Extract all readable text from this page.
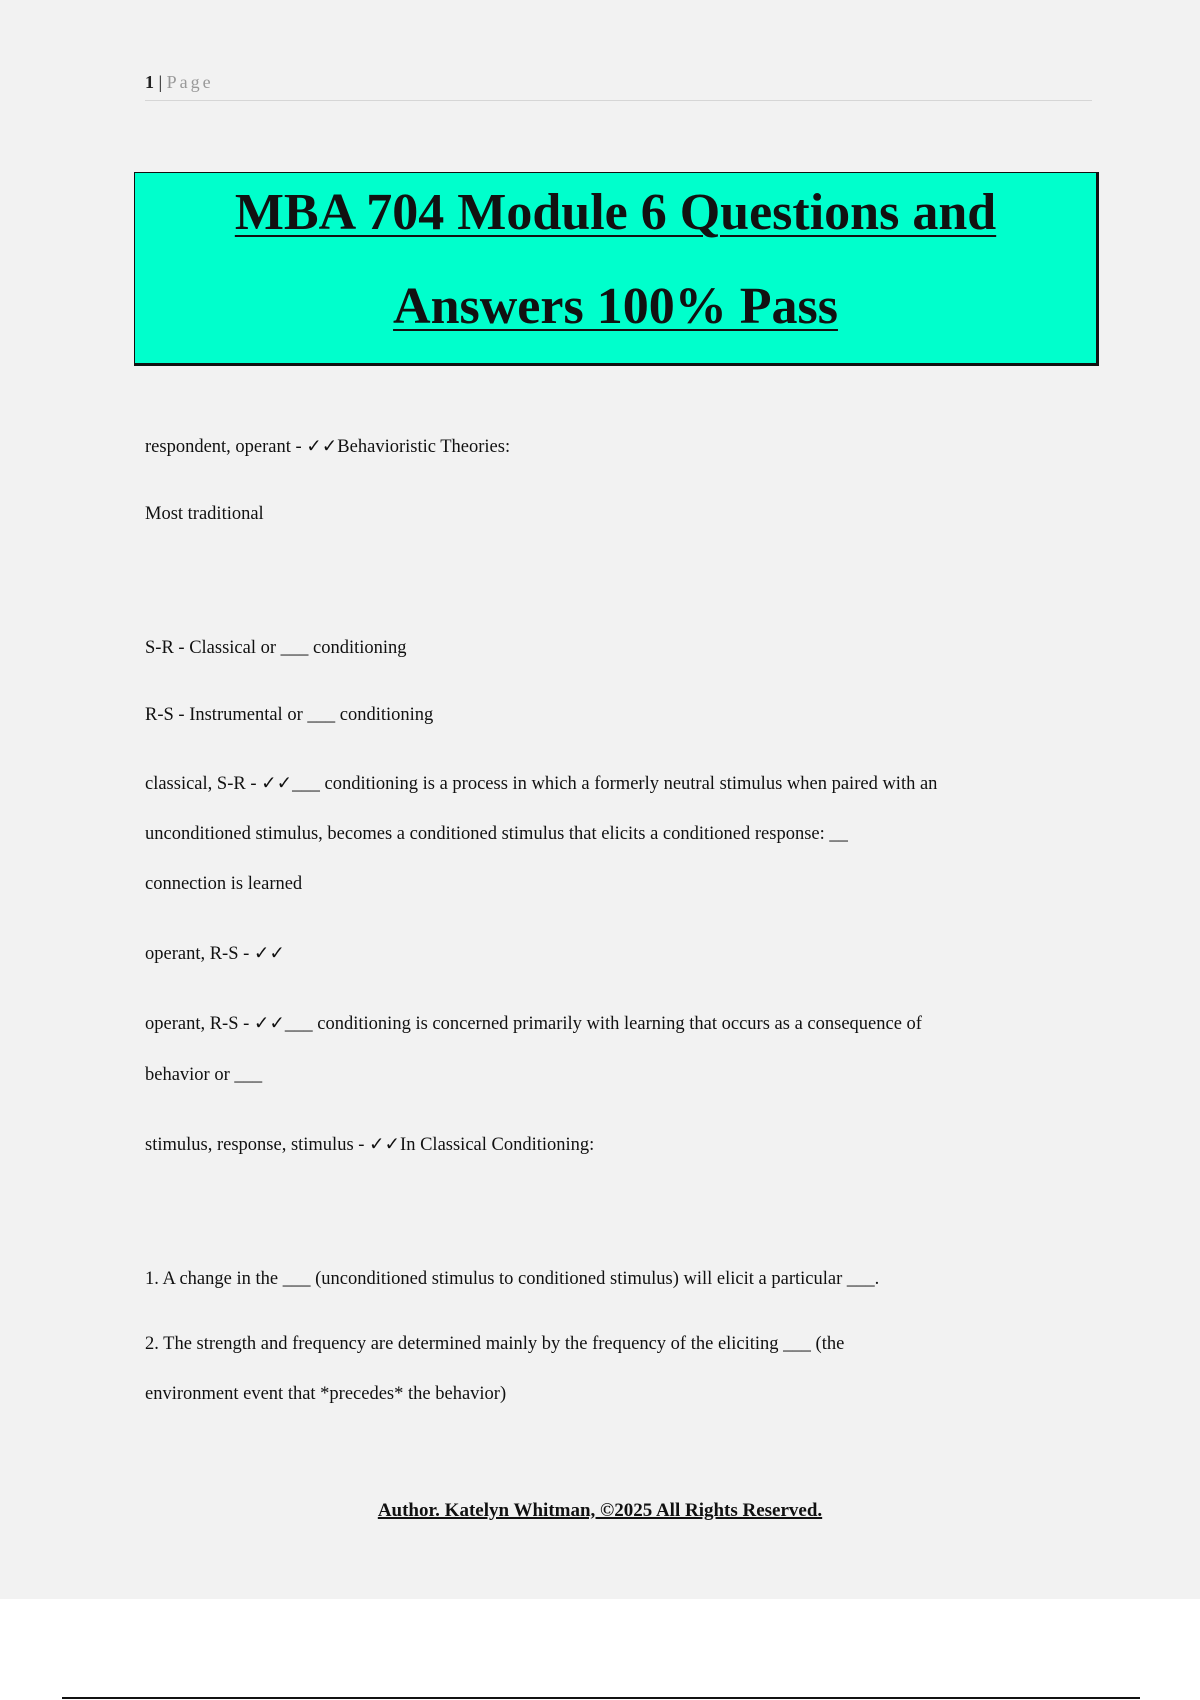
1 | Page
MBA 704 Module 6 Questions and
Answers 100% Pass
respondent, operant - ✓✓Behavioristic Theories:
Most traditional
S-R - Classical or ___ conditioning
R-S - Instrumental or ___ conditioning
classical, S-R - ✓✓___ conditioning is a process in which a formerly neutral stimulus when paired with an
unconditioned stimulus, becomes a conditioned stimulus that elicits a conditioned response: __
connection is learned
operant, R-S - ✓✓
operant, R-S - ✓✓___ conditioning is concerned primarily with learning that occurs as a consequence of
behavior or ___
stimulus, response, stimulus - ✓✓In Classical Conditioning:
1. A change in the ___ (unconditioned stimulus to conditioned stimulus) will elicit a particular ___.
2. The strength and frequency are determined mainly by the frequency of the eliciting ___ (the
environment event that *precedes* the behavior)
Author. Katelyn Whitman, ©2025 All Rights Reserved.
